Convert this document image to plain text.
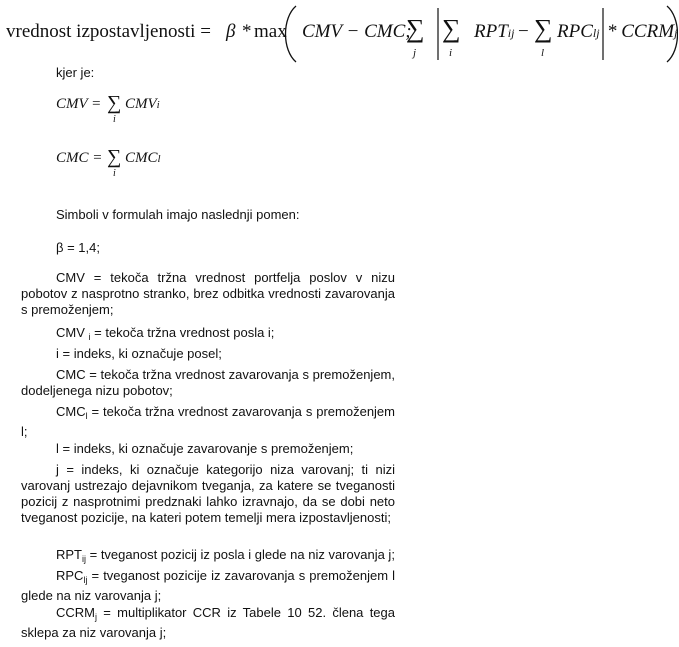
vrednost izpostavljenosti = β * max CMV − CMC;
∑
j
∑
i
RPTij − ∑
l
RPClj * CCRMj
kjer je:
CMV = ∑
i
CMVi
CMC = ∑
i
CMCl
Simboli v formulah imajo naslednji pomen:
β = 1,4;

CMV = tekoča tržna vrednost portfelja poslov v nizu pobotov z nasprotno stranko, brez odbitka vrednosti zavarovanja s premoženjem;

CMV $_i$ = tekoča tržna vrednost posla i;

i = indeks, ki označuje posel;

CMC = tekoča tržna vrednost zavarovanja s premoženjem, dodeljenega nizu pobotov;

$CMC_l$ = tekoča tržna vrednost zavarovanja s premoženjem l;

l = indeks, ki označuje zavarovanje s premoženjem;

j = indeks, ki označuje kategorijo niza varovanj; ti nizi varovanj ustrezajo dejavnikom tveganja, za katere se tveganosti pozicij z nasprotnimi predznaki lahko izravnajo, da se dobi neto tveganost pozicije, na kateri potem temelji mera izpostavljenosti;

$RPT_{ij}$ = tveganost pozicij iz posla i glede na niz varovanja j;

$RPC_{lj}$ = tveganost pozicije iz zavarovanja s premoženjem l glede na niz varovanja j;

$CCRM_j$ = multiplikator CCR iz Tabele 10 52. člena tega sklepa za niz varovanja j;
